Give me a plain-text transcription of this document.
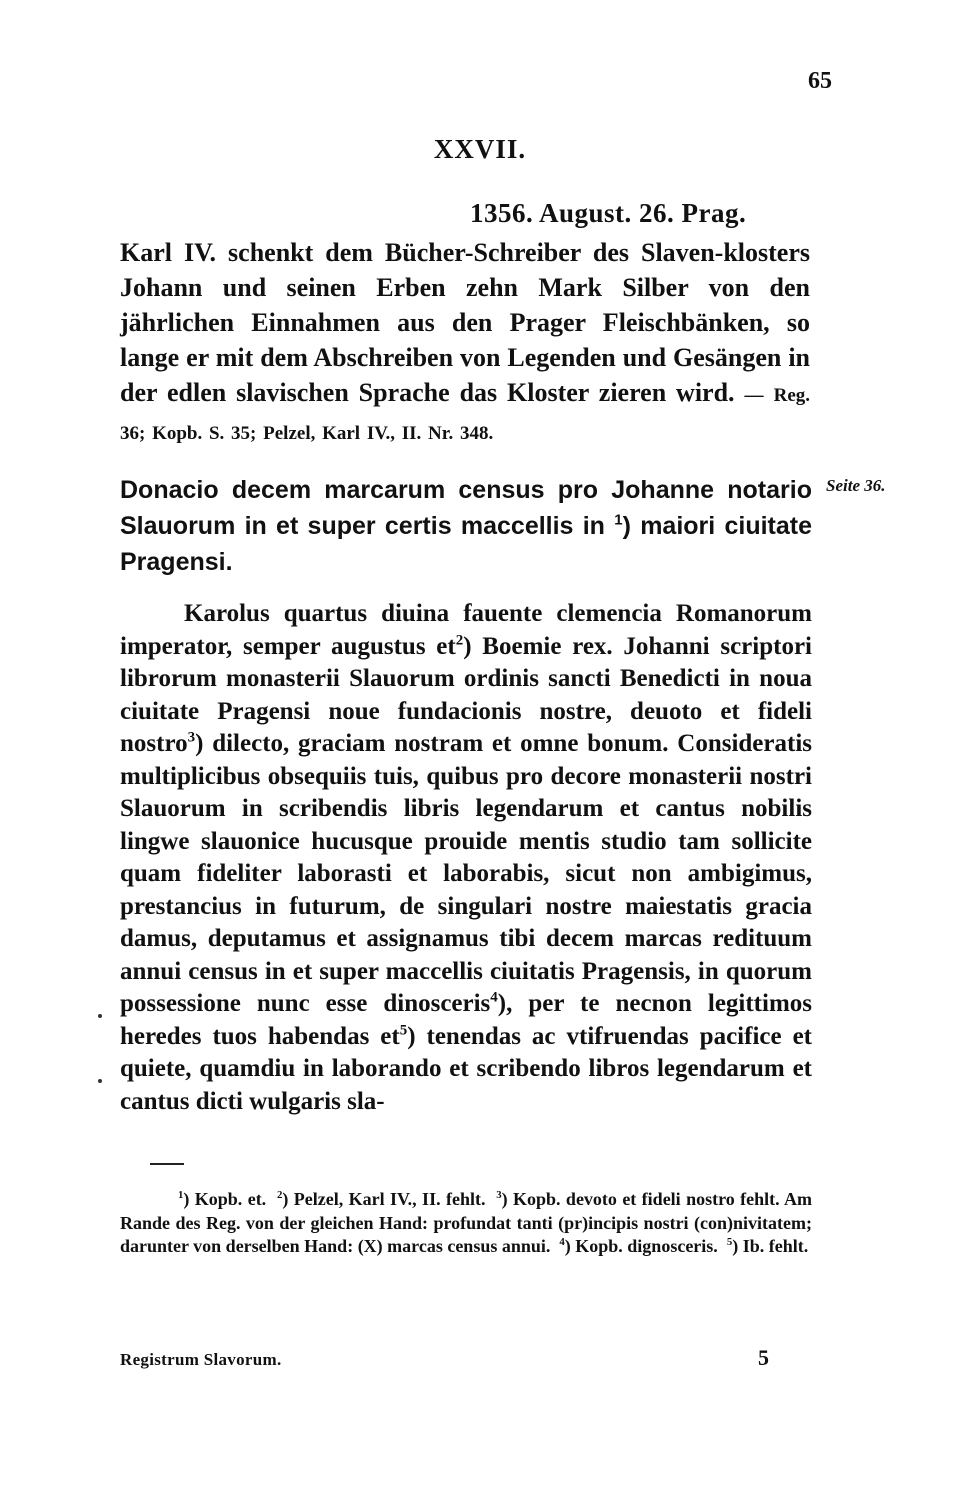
65
XXVII.
1356. August. 26. Prag.
Karl IV. schenkt dem Bücher-Schreiber des Slaven-klosters Johann und seinen Erben zehn Mark Silber von den jährlichen Einnahmen aus den Prager Fleischbänken, so lange er mit dem Abschreiben von Legenden und Gesängen in der edlen slavischen Sprache das Kloster zieren wird. — Reg. 36; Kopb. S. 35; Pelzel, Karl IV., II. Nr. 348.
Donacio decem marcarum census pro Johanne notario Slauorum in et super certis maccellis in $^1$) maiori ciuitate Pragensi.
Seite 36.
Karolus quartus diuina fauente clemencia Romanorum imperator, semper augustus $et^2$) Boemie rex. Johanni scriptori librorum monasterii Slauorum ordinis sancti Benedicti in noua ciuitate Pragensi noue fundacionis nostre, deuoto et fideli nostro$^3$) dilecto, graciam nostram et omne bonum. Consideratis multiplicibus obsequiis tuis, quibus pro decore monasterii nostri Slauorum in scribendis libris legendarum et cantus nobilis lingwe slauonice hucusque prouide mentis studio tam sollicite quam fideliter laborasti et laborabis, sicut non ambigimus, prestancius in futurum, de singulari nostre maiestatis gracia damus, deputamus et assignamus tibi decem marcas redituum annui census in et super maccellis ciuitatis Pragensis, in quorum possessione nunc esse dinosceris$^4$), per te necnon legittimos heredes tuos habendas $et^5$) tenendas ac vtifruendas pacifice et quiete, quamdiu in laborando et scribendo libros legendarum et cantus dicti wulgaris sla-
$^1$) Kopb. et. $^2$) Pelzel, Karl IV., II. fehlt. $^3$) Kopb. devoto et fideli nostro fehlt. Am Rande des Reg. von der gleichen Hand: profundat tanti (pr)incipis nostri (con)nivitatem; darunter von derselben Hand: (X) marcas census annui. $^4$) Kopb. dignosceris. $^5$) Ib. fehlt.
Registrum Slavorum.	5
